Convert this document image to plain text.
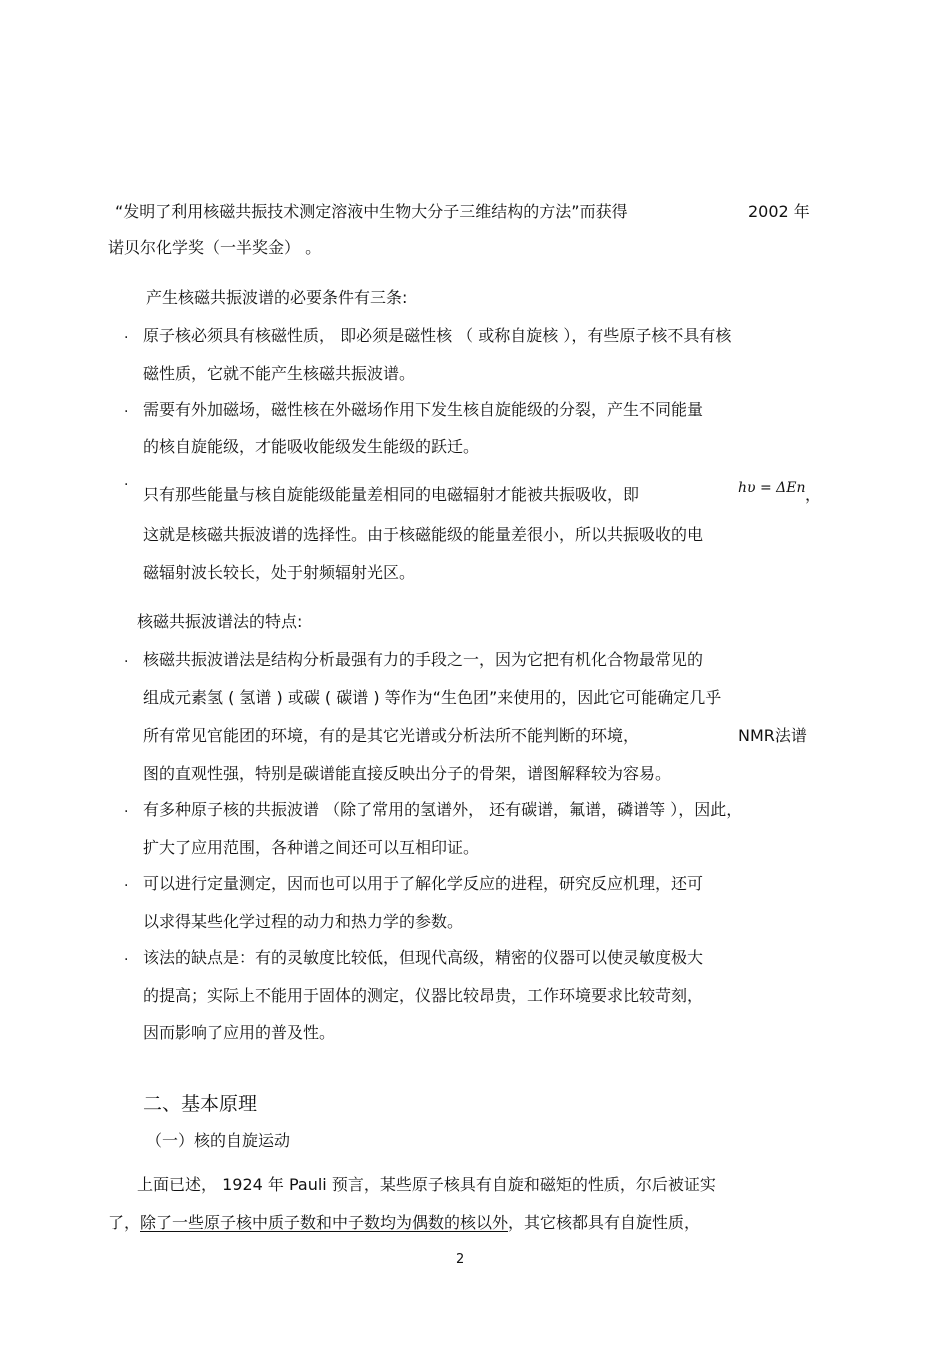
“发明了利用核磁共振技术测定溶液中生物大分子三维结构的方法”而获得	2002 年
诺贝尔化学奖（一半奖金） 。
产生核磁共振波谱的必要条件有三条:
· 原子核必须具有核磁性质， 即必须是磁性核 （ 或称自旋核 ），有些原子核不具有核
磁性质，它就不能产生核磁共振波谱。
· 需要有外加磁场，磁性核在外磁场作用下发生核自旋能级的分裂，产生不同能量
的核自旋能级，才能吸收能级发生能级的跃迁。
· 只有那些能量与核自旋能级能量差相同的电磁辐射才能被共振吸收，即	hυ = ΔEn ，
这就是核磁共振波谱的选择性。由于核磁能级的能量差很小，所以共振吸收的电
磁辐射波长较长，处于射频辐射光区。
核磁共振波谱法的特点:
· 核磁共振波谱法是结构分析最强有力的手段之一，因为它把有机化合物最常见的
组成元素氢 ( 氢谱 ) 或碳 ( 碳谱 ) 等作为“生色团”来使用的，因此它可能确定几乎
所有常见官能团的环境，有的是其它光谱或分析法所不能判断的环境，	NMR法谱
图的直观性强，特别是碳谱能直接反映出分子的骨架，谱图解释较为容易。
· 有多种原子核的共振波谱 （除了常用的氢谱外， 还有碳谱，氟谱，磷谱等 ），因此，
扩大了应用范围，各种谱之间还可以互相印证。
· 可以进行定量测定，因而也可以用于了解化学反应的进程，研究反应机理，还可
以求得某些化学过程的动力和热力学的参数。
· 该法的缺点是：有的灵敏度比较低，但现代高级，精密的仪器可以使灵敏度极大
的提高；实际上不能用于固体的测定，仪器比较昂贵，工作环境要求比较苛刻，
因而影响了应用的普及性。
二、基本原理
（一）核的自旋运动
上面已述， 1924 年 Pauli 预言，某些原子核具有自旋和磁矩的性质，尔后被证实
了，除了一些原子核中质子数和中子数均为偶数的核以外，其它核都具有自旋性质，
2
